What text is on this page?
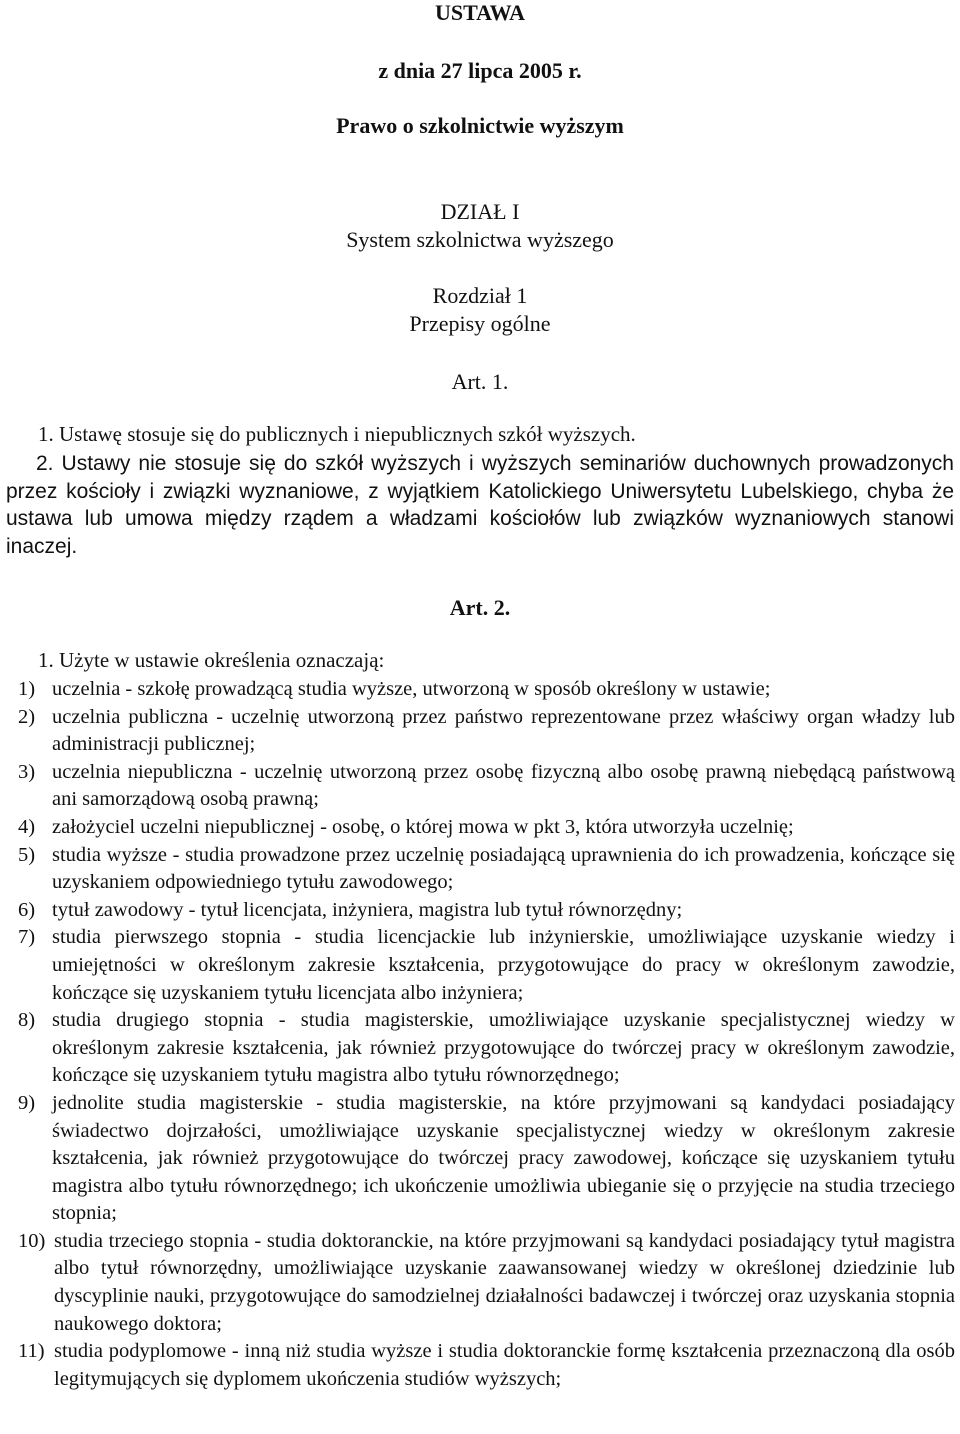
USTAWA
z dnia 27 lipca 2005 r.
Prawo o szkolnictwie wyższym
DZIAŁ I
System szkolnictwa wyższego
Rozdział 1
Przepisy ogólne
Art. 1.
1. Ustawę stosuje się do publicznych i niepublicznych szkół wyższych.
2. Ustawy nie stosuje się do szkół wyższych i wyższych seminariów duchownych prowadzonych przez kościoły i związki wyznaniowe, z wyjątkiem Katolickiego Uniwersytetu Lubelskiego, chyba że ustawa lub umowa między rządem a władzami kościołów lub związków wyznaniowych stanowi inaczej.
Art. 2.
1. Użyte w ustawie określenia oznaczają:
1) uczelnia - szkołę prowadzącą studia wyższe, utworzoną w sposób określony w ustawie;
2) uczelnia publiczna - uczelnię utworzoną przez państwo reprezentowane przez właściwy organ władzy lub administracji publicznej;
3) uczelnia niepubliczna - uczelnię utworzoną przez osobę fizyczną albo osobę prawną niebędącą państwową ani samorządową osobą prawną;
4) założyciel uczelni niepublicznej - osobę, o której mowa w pkt 3, która utworzyła uczelnię;
5) studia wyższe - studia prowadzone przez uczelnię posiadającą uprawnienia do ich prowadzenia, kończące się uzyskaniem odpowiedniego tytułu zawodowego;
6) tytuł zawodowy - tytuł licencjata, inżyniera, magistra lub tytuł równorzędny;
7) studia pierwszego stopnia - studia licencjackie lub inżynierskie, umożliwiające uzyskanie wiedzy i umiejętności w określonym zakresie kształcenia, przygotowujące do pracy w określonym zawodzie, kończące się uzyskaniem tytułu licencjata albo inżyniera;
8) studia drugiego stopnia - studia magisterskie, umożliwiające uzyskanie specjalistycznej wiedzy w określonym zakresie kształcenia, jak również przygotowujące do twórczej pracy w określonym zawodzie, kończące się uzyskaniem tytułu magistra albo tytułu równorzędnego;
9) jednolite studia magisterskie - studia magisterskie, na które przyjmowani są kandydaci posiadający świadectwo dojrzałości, umożliwiające uzyskanie specjalistycznej wiedzy w określonym zakresie kształcenia, jak również przygotowujące do twórczej pracy zawodowej, kończące się uzyskaniem tytułu magistra albo tytułu równorzędnego; ich ukończenie umożliwia ubieganie się o przyjęcie na studia trzeciego stopnia;
10) studia trzeciego stopnia - studia doktoranckie, na które przyjmowani są kandydaci posiadający tytuł magistra albo tytuł równorzędny, umożliwiające uzyskanie zaawansowanej wiedzy w określonej dziedzinie lub dyscyplinie nauki, przygotowujące do samodzielnej działalności badawczej i twórczej oraz uzyskania stopnia naukowego doktora;
11) studia podyplomowe - inną niż studia wyższe i studia doktoranckie formę kształcenia przeznaczoną dla osób legitymujących się dyplomem ukończenia studiów wyższych;
